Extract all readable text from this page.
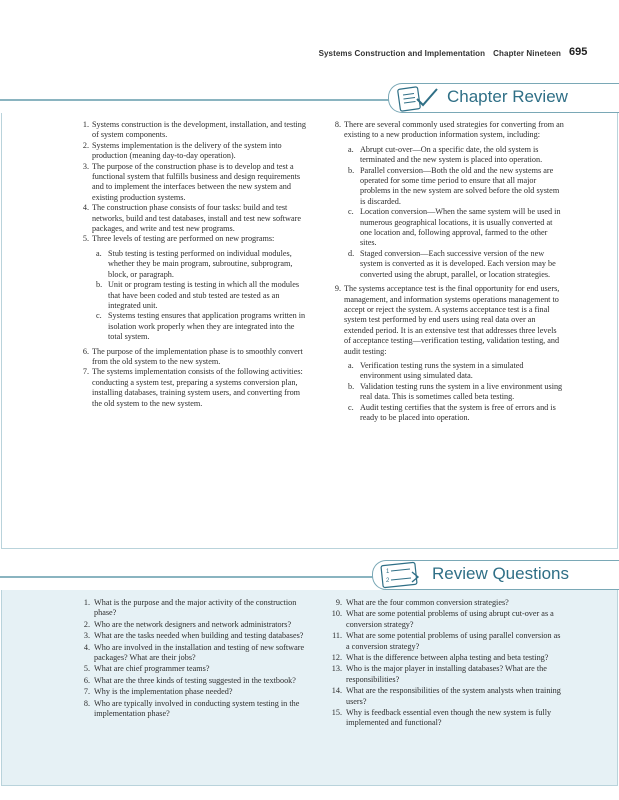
Systems Construction and Implementation Chapter Nineteen 695
Chapter Review
1. Systems construction is the development, installation, and testing of system components.
2. Systems implementation is the delivery of the system into production (meaning day-to-day operation).
3. The purpose of the construction phase is to develop and test a functional system that fulfills business and design requirements and to implement the interfaces between the new system and existing production systems.
4. The construction phase consists of four tasks: build and test networks, build and test databases, install and test new software packages, and write and test new programs.
5. Three levels of testing are performed on new programs:
a. Stub testing is testing performed on individual modules, whether they be main program, subroutine, subprogram, block, or paragraph.
b. Unit or program testing is testing in which all the modules that have been coded and stub tested are tested as an integrated unit.
c. Systems testing ensures that application programs written in isolation work properly when they are integrated into the total system.
6. The purpose of the implementation phase is to smoothly convert from the old system to the new system.
7. The systems implementation consists of the following activities: conducting a system test, preparing a systems conversion plan, installing databases, training system users, and converting from the old system to the new system.
8. There are several commonly used strategies for converting from an existing to a new production information system, including:
a. Abrupt cut-over—On a specific date, the old system is terminated and the new system is placed into operation.
b. Parallel conversion—Both the old and the new systems are operated for some time period to ensure that all major problems in the new system are solved before the old system is discarded.
c. Location conversion—When the same system will be used in numerous geographical locations, it is usually converted at one location and, following approval, farmed to the other sites.
d. Staged conversion—Each successive version of the new system is converted as it is developed. Each version may be converted using the abrupt, parallel, or location strategies.
9. The systems acceptance test is the final opportunity for end users, management, and information systems operations management to accept or reject the system. A systems acceptance test is a final system test performed by end users using real data over an extended period. It is an extensive test that addresses three levels of acceptance testing—verification testing, validation testing, and audit testing:
a. Verification testing runs the system in a simulated environment using simulated data.
b. Validation testing runs the system in a live environment using real data. This is sometimes called beta testing.
c. Audit testing certifies that the system is free of errors and is ready to be placed into operation.
1
2	Review Questions
1. What is the purpose and the major activity of the construction phase?
2. Who are the network designers and network administrators?
3. What are the tasks needed when building and testing databases?
4. Who are involved in the installation and testing of new software packages? What are their jobs?
5. What are chief programmer teams?
6. What are the three kinds of testing suggested in the textbook?
7. Why is the implementation phase needed?
8. Who are typically involved in conducting system testing in the implementation phase?
9. What are the four common conversion strategies?
10. What are some potential problems of using abrupt cut-over as a conversion strategy?
11. What are some potential problems of using parallel conversion as a conversion strategy?
12. What is the difference between alpha testing and beta testing?
13. Who is the major player in installing databases? What are the responsibilities?
14. What are the responsibilities of the system analysts when training users?
15. Why is feedback essential even though the new system is fully implemented and functional?
